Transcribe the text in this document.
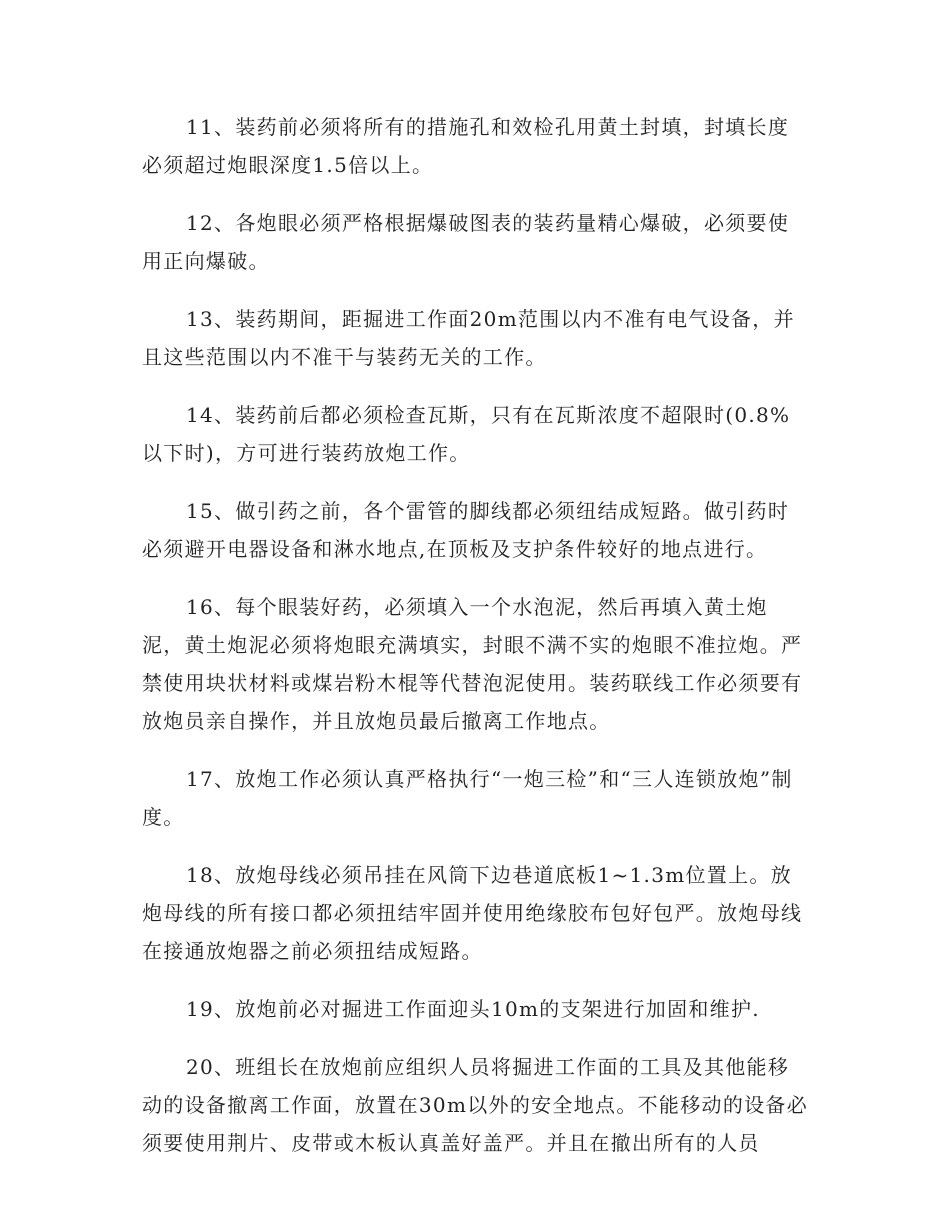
11、装药前必须将所有的措施孔和效检孔用黄土封填，封填长度必须超过炮眼深度1.5倍以上。

12、各炮眼必须严格根据爆破图表的装药量精心爆破，必须要使用正向爆破。

13、装药期间，距掘进工作面20m范围以内不准有电气设备，并且这些范围以内不准干与装药无关的工作。

14、装药前后都必须检查瓦斯，只有在瓦斯浓度不超限时(0.8%以下时)，方可进行装药放炮工作。

15、做引药之前，各个雷管的脚线都必须纽结成短路。做引药时必须避开电器设备和淋水地点,在顶板及支护条件较好的地点进行。

16、每个眼装好药，必须填入一个水泡泥，然后再填入黄土炮泥，黄土炮泥必须将炮眼充满填实，封眼不满不实的炮眼不准拉炮。严禁使用块状材料或煤岩粉木棍等代替泡泥使用。装药联线工作必须要有放炮员亲自操作，并且放炮员最后撤离工作地点。

17、放炮工作必须认真严格执行“一炮三检”和“三人连锁放炮”制度。

18、放炮母线必须吊挂在风筒下边巷道底板1~1.3m位置上。放炮母线的所有接口都必须扭结牢固并使用绝缘胶布包好包严。放炮母线在接通放炮器之前必须扭结成短路。

19、放炮前必对掘进工作面迎头10m的支架进行加固和维护.

20、班组长在放炮前应组织人员将掘进工作面的工具及其他能移动的设备撤离工作面，放置在30m以外的安全地点。不能移动的设备必须要使用荆片、皮带或木板认真盖好盖严。并且在撤出所有的人员
